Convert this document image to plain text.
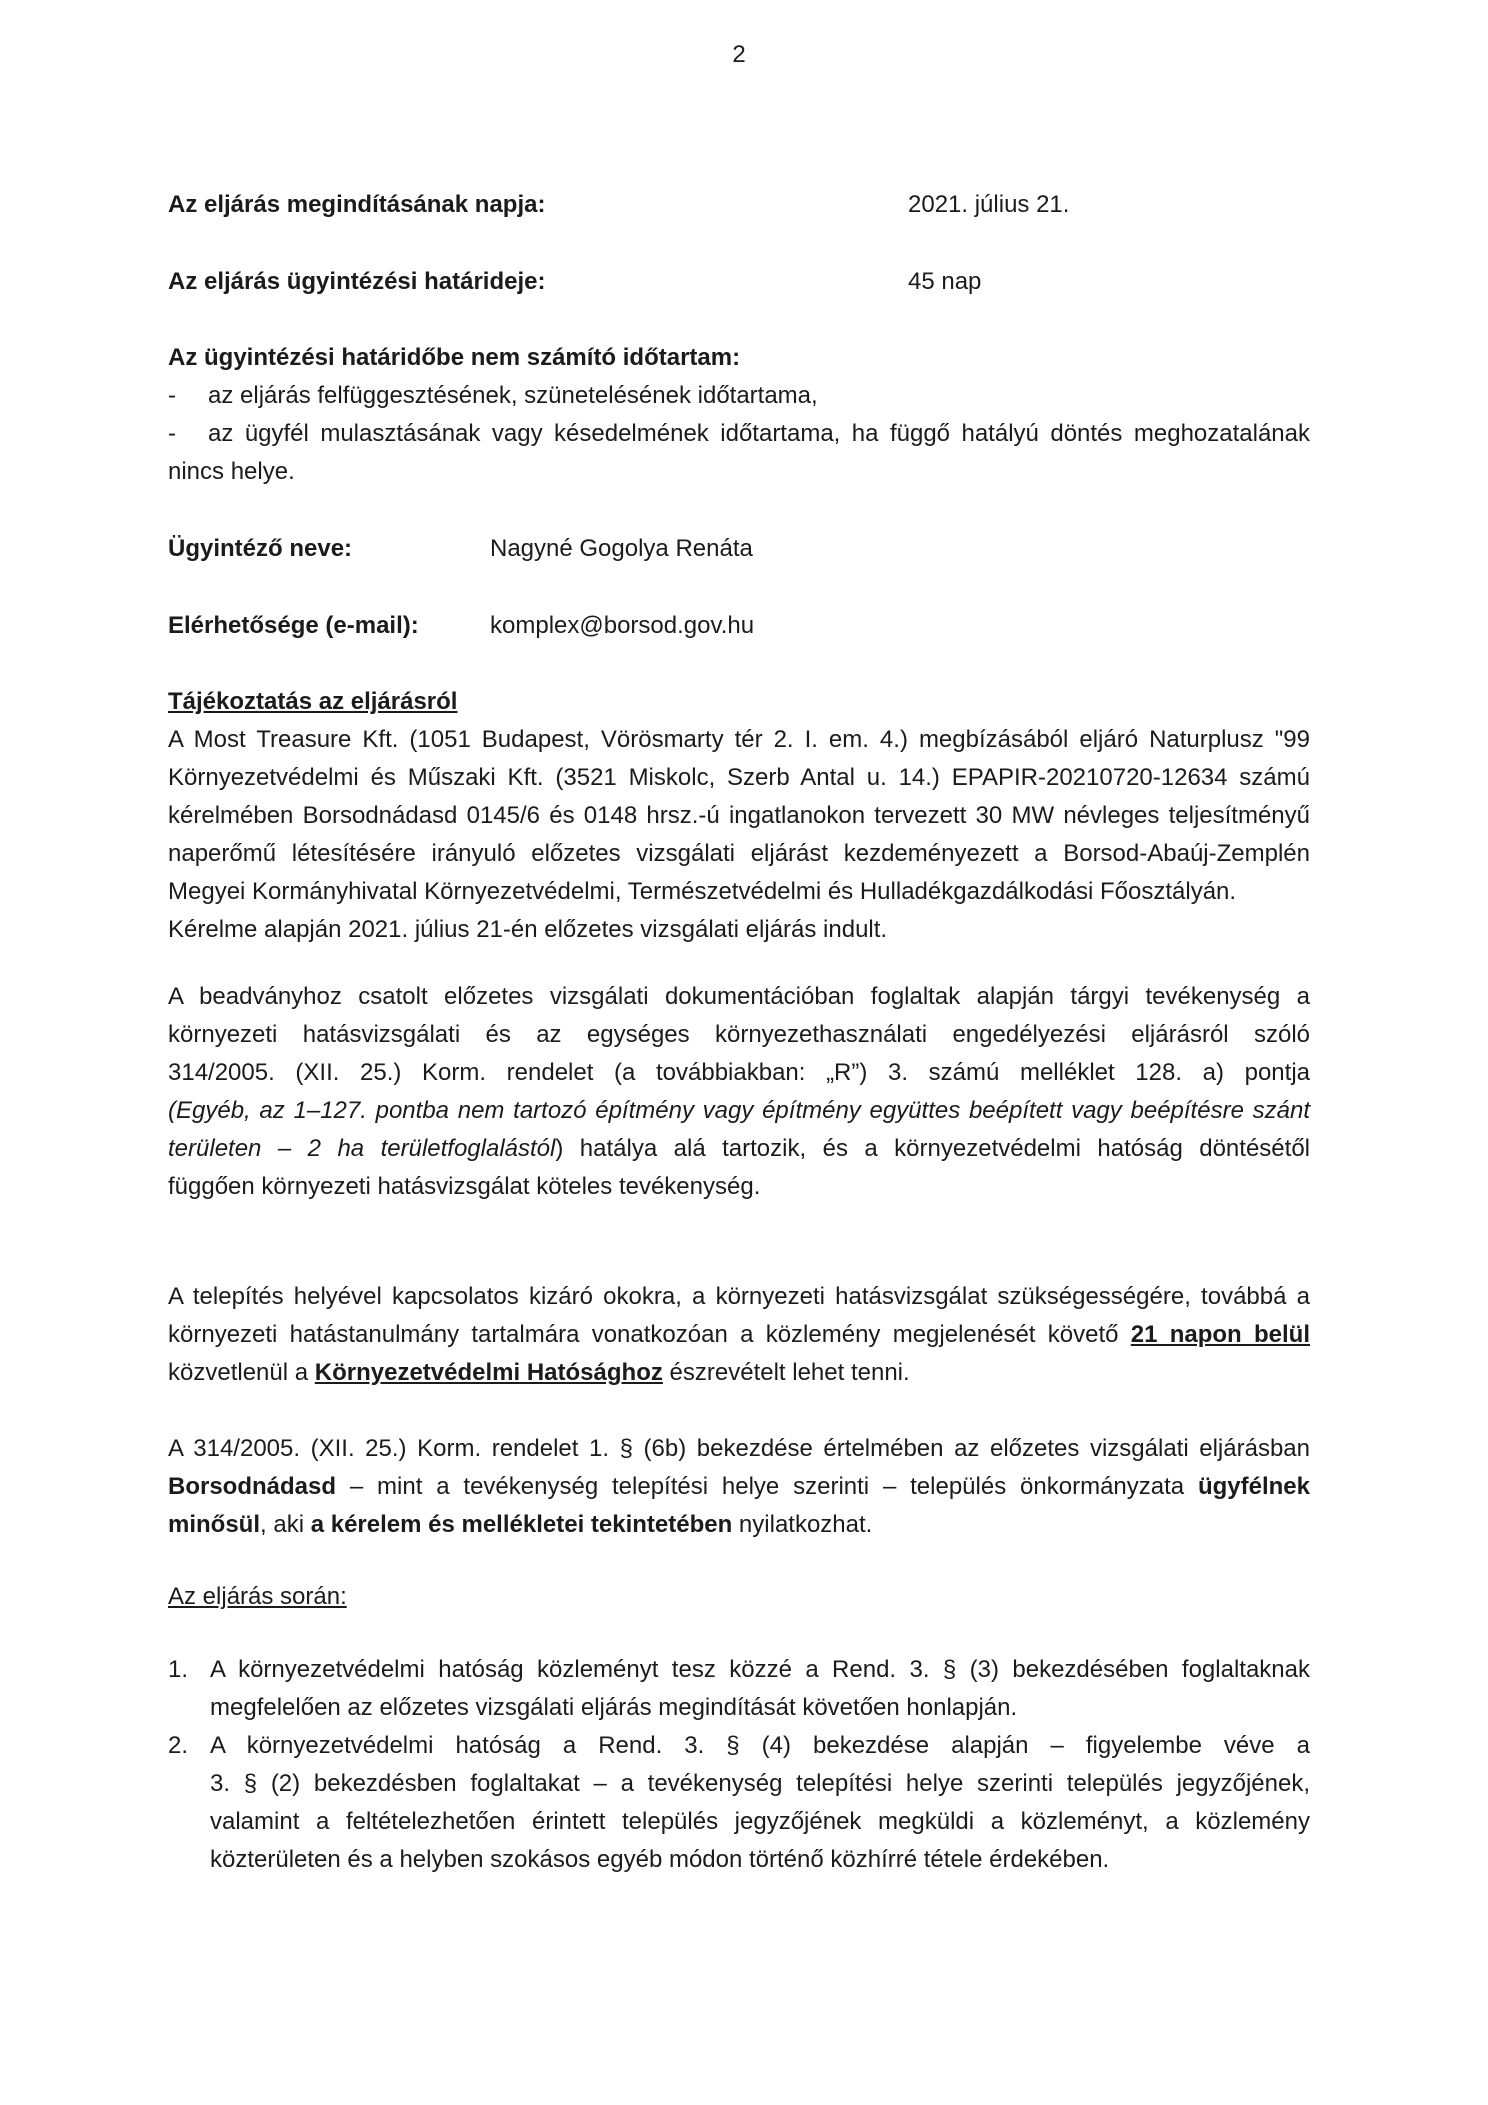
2
Az eljárás megindításának napja:	2021. július 21.
Az eljárás ügyintézési határideje:	45 nap
Az ügyintézési határidőbe nem számító időtartam:
- az eljárás felfüggesztésének, szünetelésének időtartama,
- az ügyfél mulasztásának vagy késedelmének időtartama, ha függő hatályú döntés meghozatalának
nincs helye.
Ügyintéző neve:	Nagyné Gogolya Renáta
Elérhetősége (e-mail):	komplex@borsod.gov.hu
Tájékoztatás az eljárásról
A Most Treasure Kft. (1051 Budapest, Vörösmarty tér 2. I. em. 4.) megbízásából eljáró Naturplusz "99
Környezetvédelmi és Műszaki Kft. (3521 Miskolc, Szerb Antal u. 14.) EPAPIR-20210720-12634 számú
kérelmében Borsodnádasd 0145/6 és 0148 hrsz.-ú ingatlanokon tervezett 30 MW névleges teljesítményű
naperőmű létesítésére irányuló előzetes vizsgálati eljárást kezdeményezett a Borsod-Abaúj-Zemplén
Megyei Kormányhivatal Környezetvédelmi, Természetvédelmi és Hulladékgazdálkodási Főosztályán.
Kérelme alapján 2021. július 21-én előzetes vizsgálati eljárás indult.
A beadványhoz csatolt előzetes vizsgálati dokumentációban foglaltak alapján tárgyi tevékenység a
környezeti hatásvizsgálati és az egységes környezethasználati engedélyezési eljárásról szóló
314/2005. (XII. 25.) Korm. rendelet (a továbbiakban: „R”) 3. számú melléklet 128. a) pontja
(Egyéb, az 1–127. pontba nem tartozó építmény vagy építmény együttes beépített vagy beépítésre szánt
területen – 2 ha területfoglalástól) hatálya alá tartozik, és a környezetvédelmi hatóság döntésétől
függően környezeti hatásvizsgálat köteles tevékenység.
A telepítés helyével kapcsolatos kizáró okokra, a környezeti hatásvizsgálat szükségességére, továbbá a
környezeti hatástanulmány tartalmára vonatkozóan a közlemény megjelenését követő 21 napon belül
közvetlenül a Környezetvédelmi Hatósághoz észrevételt lehet tenni.
A 314/2005. (XII. 25.) Korm. rendelet 1. § (6b) bekezdése értelmében az előzetes vizsgálati eljárásban
Borsodnádasd – mint a tevékenység telepítési helye szerinti – település önkormányzata ügyfélnek
minősül, aki a kérelem és mellékletei tekintetében nyilatkozhat.
Az eljárás során:
1. A környezetvédelmi hatóság közleményt tesz közzé a Rend. 3. § (3) bekezdésében foglaltaknak
megfelelően az előzetes vizsgálati eljárás megindítását követően honlapján.
2. A környezetvédelmi hatóság a Rend. 3. § (4) bekezdése alapján – figyelembe véve a
3. § (2) bekezdésben foglaltakat – a tevékenység telepítési helye szerinti település jegyzőjének,
valamint a feltételezhetően érintett település jegyzőjének megküldi a közleményt, a közlemény
közterületen és a helyben szokásos egyéb módon történő közhírré tétele érdekében.
